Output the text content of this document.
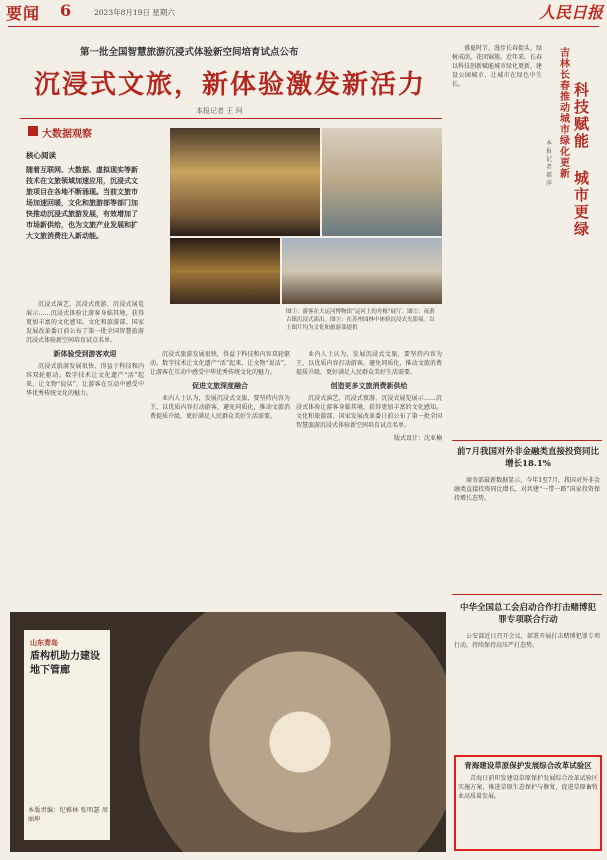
要闻 6	2023年8月19日 星期六	人民日报
第一批全国智慧旅游沉浸式体验新空间培育试点公布
沉浸式文旅，新体验激发新活力
本报记者 王 珂
大数据观察
核心阅读
随着互联网、大数据、虚拟现实等新技术在文旅领域加速应用，沉浸式文旅项目在各地不断涌现。当前文旅市场加速回暖，文化和旅游部等部门加快推动沉浸式旅游发展，有效增加了市场新供给，也为文旅产业发展和扩大文旅消费注入新动能。
图①：游客在大运河博物馆“运河上的舟楫”展厅。图②：夜游古镇沉浸式演出。图③：在苏州园林中体验沉浸式光影展。以上图片均为文化和旅游部提供

沉浸式演艺、沉浸式夜游、沉浸式展览展示……沉浸式体验让游客身临其境，获得更加丰富的文化感知。文化和旅游部、国家发展改革委日前公布了第一批全国智慧旅游沉浸式体验新空间培育试点名单。

新体验受到游客欢迎

沉浸式旅游发展很快，得益于科技和内容双轮驱动。数字技术让文化遗产“活”起来，让文物“说话”，让游客在互动中感受中华优秀传统文化的魅力。

沉浸式旅游发展很快，得益于科技和内容双轮驱动。数字技术让文化遗产“活”起来，让文物“说话”，让游客在互动中感受中华优秀传统文化的魅力。

促进文旅深度融合

业内人士认为，发展沉浸式文旅，要坚持内容为王，以优质内容打动游客，避免同质化，推动文旅消费提质升级，更好满足人民群众美好生活需要。

业内人士认为，发展沉浸式文旅，要坚持内容为王，以优质内容打动游客，避免同质化，推动文旅消费提质升级，更好满足人民群众美好生活需要。

创造更多文旅消费新供给

沉浸式演艺、沉浸式夜游、沉浸式展览展示……沉浸式体验让游客身临其境，获得更加丰富的文化感知。文化和旅游部、国家发展改革委日前公布了第一批全国智慧旅游沉浸式体验新空间培育试点名单。

版式设计：沈亚楠
山东青岛
盾构机助力建设地下管廊
本版责编：纪雅林 张明瑟 周丽坤

盛夏时节，漫步长春街头，绿树成荫，花团锦簇。近年来，长春以科技创新赋能城市绿化更新，建设公园城市，让城市在绿色中生长。

吉林长春推动城市绿化更新
科技赋能
城市更绿
本报记者 郝 萍
前7月我国对外非金融类直接投资同比增长18.1%

商务部最新数据显示，今年1至7月，我国对外非金融类直接投资同比增长，对共建“一带一路”国家投资保持增长态势。

中华全国总工会启动合作打击赌博犯罪专项联合行动

公安部近日召开会议，部署开展打击赌博犯罪专项行动，持续保持高压严打态势。

青海建设草原保护发展综合改革试验区

青海日前印发建设草原保护发展综合改革试验区实施方案，推进草原生态保护与修复，促进草原畜牧业高质量发展。
